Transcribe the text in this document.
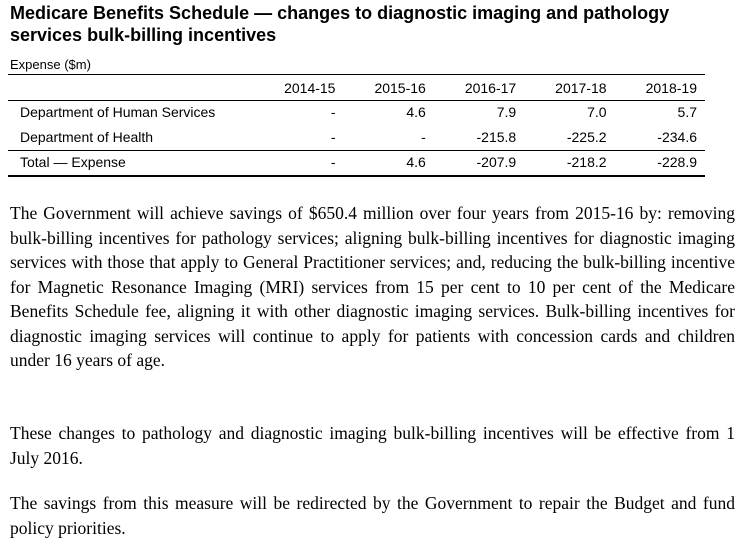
Medicare Benefits Schedule — changes to diagnostic imaging and pathology services bulk-billing incentives
Expense ($m)
	2014-15	2015-16	2016-17	2017-18	2018-19
Department of Human Services	-	4.6	7.9	7.0	5.7
Department of Health	-	-	-215.8	-225.2	-234.6
Total — Expense	-	4.6	-207.9	-218.2	-228.9

The Government will achieve savings of $650.4 million over four years from 2015-16 by: removing bulk-billing incentives for pathology services; aligning bulk-billing incentives for diagnostic imaging services with those that apply to General Practitioner services; and, reducing the bulk-billing incentive for Magnetic Resonance Imaging (MRI) services from 15 per cent to 10 per cent of the Medicare Benefits Schedule fee, aligning it with other diagnostic imaging services. Bulk-billing incentives for diagnostic imaging services will continue to apply for patients with concession cards and children under 16 years of age.

These changes to pathology and diagnostic imaging bulk-billing incentives will be effective from 1 July 2016.

The savings from this measure will be redirected by the Government to repair the Budget and fund policy priorities.
